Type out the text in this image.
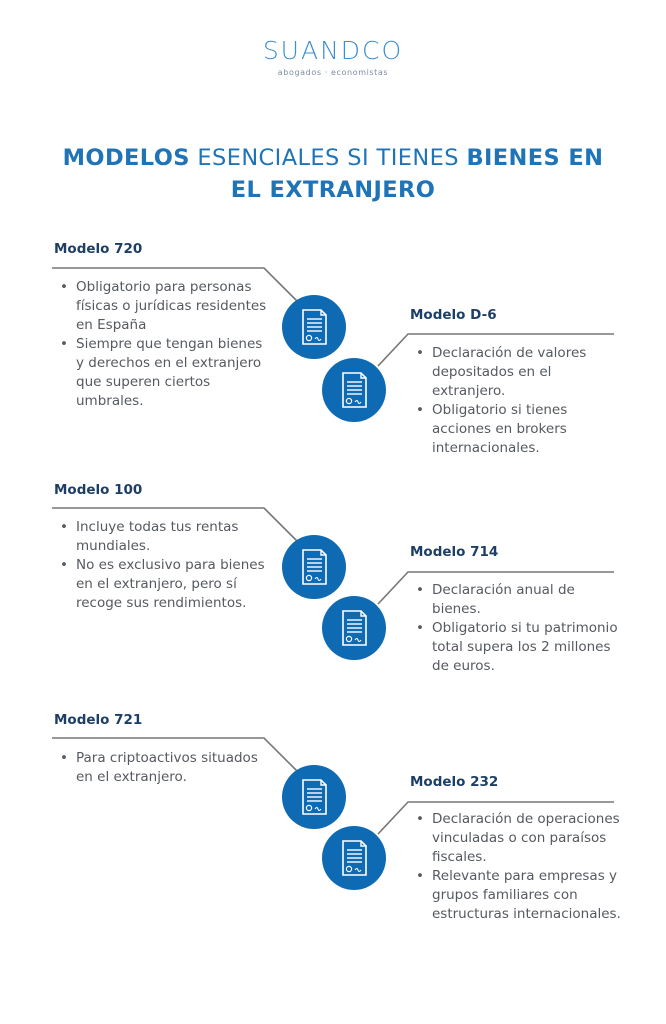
SUANDCO
abogados · economistas
MODELOS ESENCIALES SI TIENES BIENES EN
EL EXTRANJERO
Modelo 720
• Obligatorio para personas físicas o jurídicas residentes en España
• Siempre que tengan bienes y derechos en el extranjero que superen ciertos umbrales.
Modelo D-6
• Declaración de valores depositados en el extranjero.
• Obligatorio si tienes acciones en brokers internacionales.
Modelo 100
• Incluye todas tus rentas mundiales.
• No es exclusivo para bienes en el extranjero, pero sí recoge sus rendimientos.
Modelo 714
• Declaración anual de bienes.
• Obligatorio si tu patrimonio total supera los 2 millones de euros.
Modelo 721
• Para criptoactivos situados en el extranjero.	Modelo 232
• Declaración de operaciones vinculadas o con paraísos fiscales.
• Relevante para empresas y grupos familiares con estructuras internacionales.
